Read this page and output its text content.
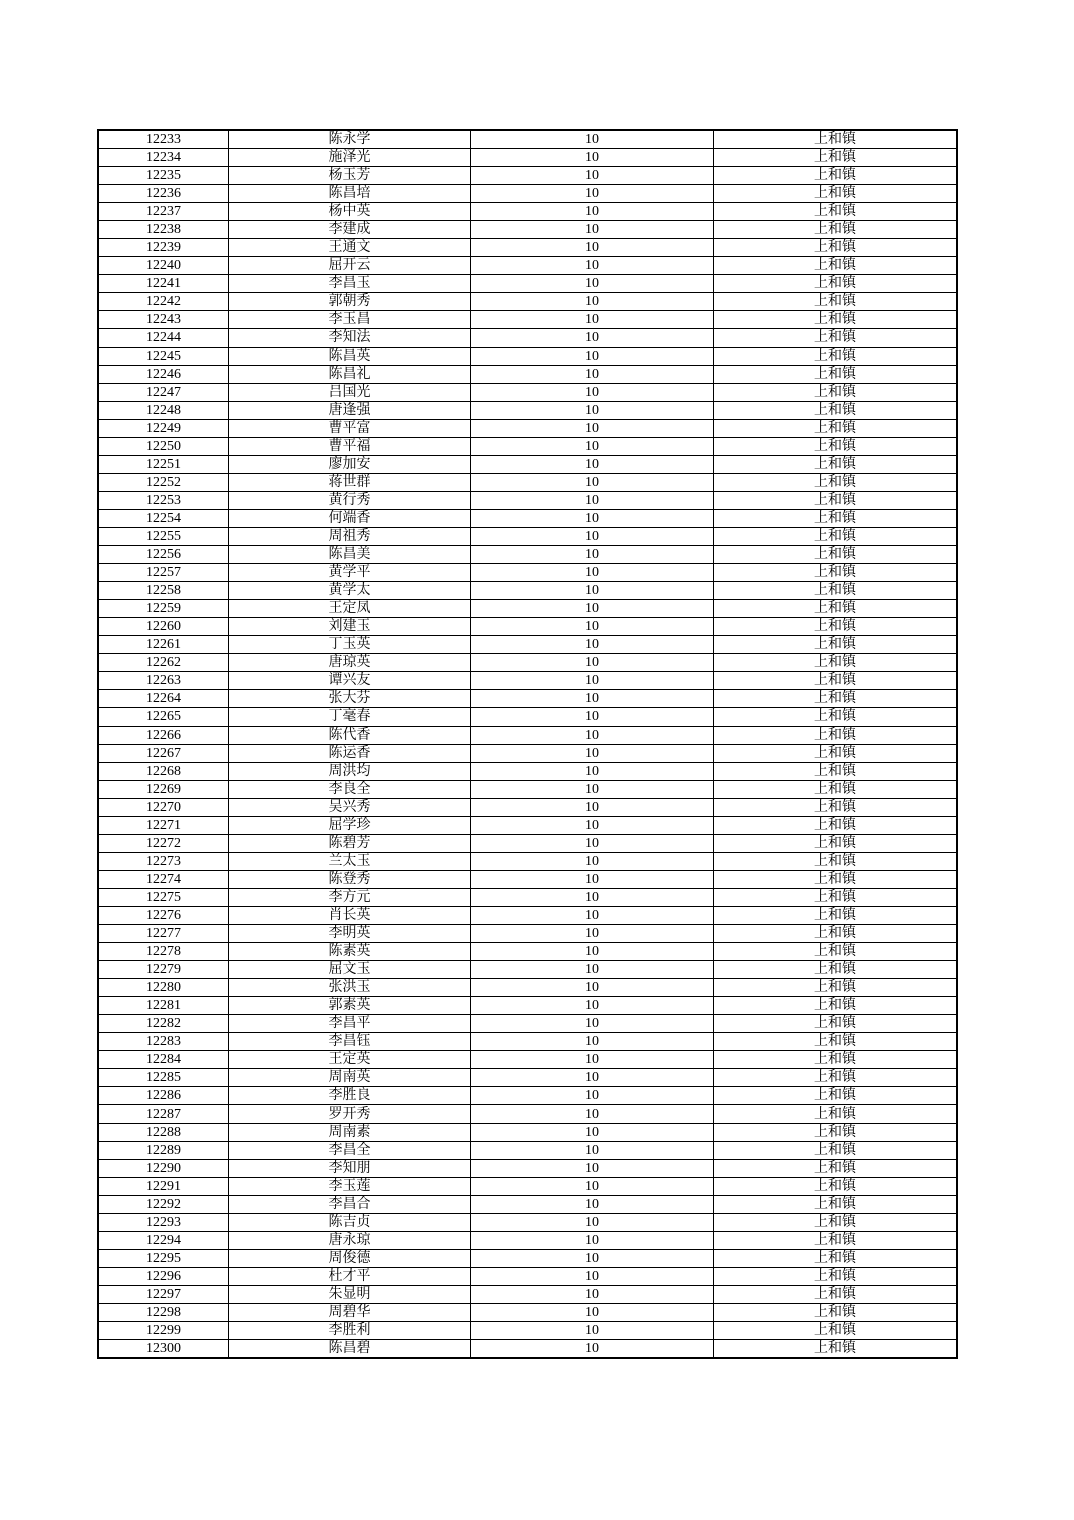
12233	陈永学	10	上和镇
12234	施泽光	10	上和镇
12235	杨玉芳	10	上和镇
12236	陈昌培	10	上和镇
12237	杨中英	10	上和镇
12238	李建成	10	上和镇
12239	王通文	10	上和镇
12240	屈开云	10	上和镇
12241	李昌玉	10	上和镇
12242	郭朝秀	10	上和镇
12243	李玉昌	10	上和镇
12244	李知法	10	上和镇
12245	陈昌英	10	上和镇
12246	陈昌礼	10	上和镇
12247	吕国光	10	上和镇
12248	唐逢强	10	上和镇
12249	曹平富	10	上和镇
12250	曹平福	10	上和镇
12251	廖加安	10	上和镇
12252	蒋世群	10	上和镇
12253	黄行秀	10	上和镇
12254	何端香	10	上和镇
12255	周祖秀	10	上和镇
12256	陈昌美	10	上和镇
12257	黄学平	10	上和镇
12258	黄学太	10	上和镇
12259	王定凤	10	上和镇
12260	刘建玉	10	上和镇
12261	丁玉英	10	上和镇
12262	唐琼英	10	上和镇
12263	谭兴友	10	上和镇
12264	张大芬	10	上和镇
12265	丁毫春	10	上和镇
12266	陈代香	10	上和镇
12267	陈运香	10	上和镇
12268	周洪均	10	上和镇
12269	李良全	10	上和镇
12270	吴兴秀	10	上和镇
12271	屈学珍	10	上和镇
12272	陈碧芳	10	上和镇
12273	兰太玉	10	上和镇
12274	陈登秀	10	上和镇
12275	李方元	10	上和镇
12276	肖长英	10	上和镇
12277	李明英	10	上和镇
12278	陈素英	10	上和镇
12279	屈文玉	10	上和镇
12280	张洪玉	10	上和镇
12281	郭素英	10	上和镇
12282	李昌平	10	上和镇
12283	李昌钰	10	上和镇
12284	王定英	10	上和镇
12285	周南英	10	上和镇
12286	李胜良	10	上和镇
12287	罗开秀	10	上和镇
12288	周南素	10	上和镇
12289	李昌全	10	上和镇
12290	李知朋	10	上和镇
12291	李玉莲	10	上和镇
12292	李昌合	10	上和镇
12293	陈吉贞	10	上和镇
12294	唐永琼	10	上和镇
12295	周俊德	10	上和镇
12296	杜才平	10	上和镇
12297	朱显明	10	上和镇
12298	周碧华	10	上和镇
12299	李胜利	10	上和镇
12300	陈昌碧	10	上和镇
